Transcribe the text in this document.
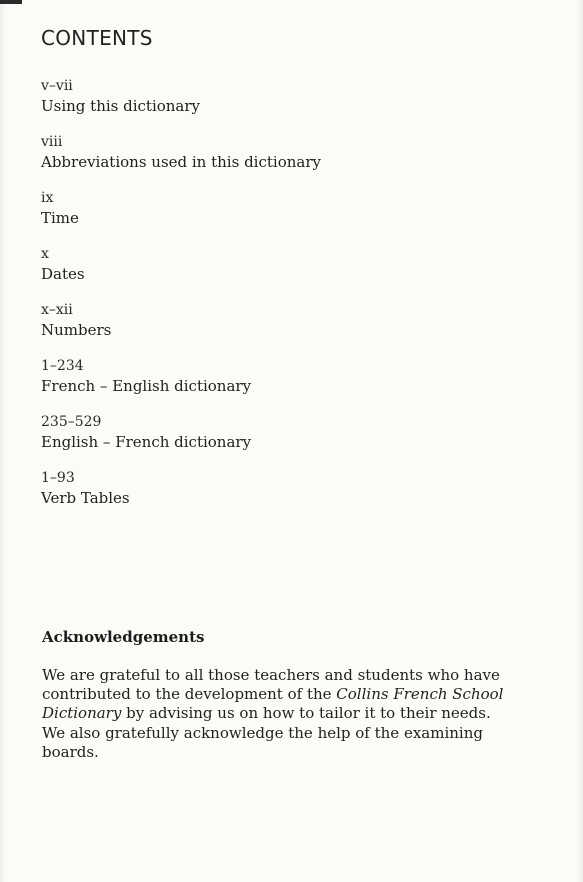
CONTENTS
v–vii
Using this dictionary
viii
Abbreviations used in this dictionary
ix
Time
x
Dates
x–xii
Numbers
1–234
French – English dictionary
235–529
English – French dictionary
1–93
Verb Tables
Acknowledgements

We are grateful to all those teachers and students who have contributed to the development of the Collins French School Dictionary by advising us on how to tailor it to their needs. We also gratefully acknowledge the help of the examining boards.
